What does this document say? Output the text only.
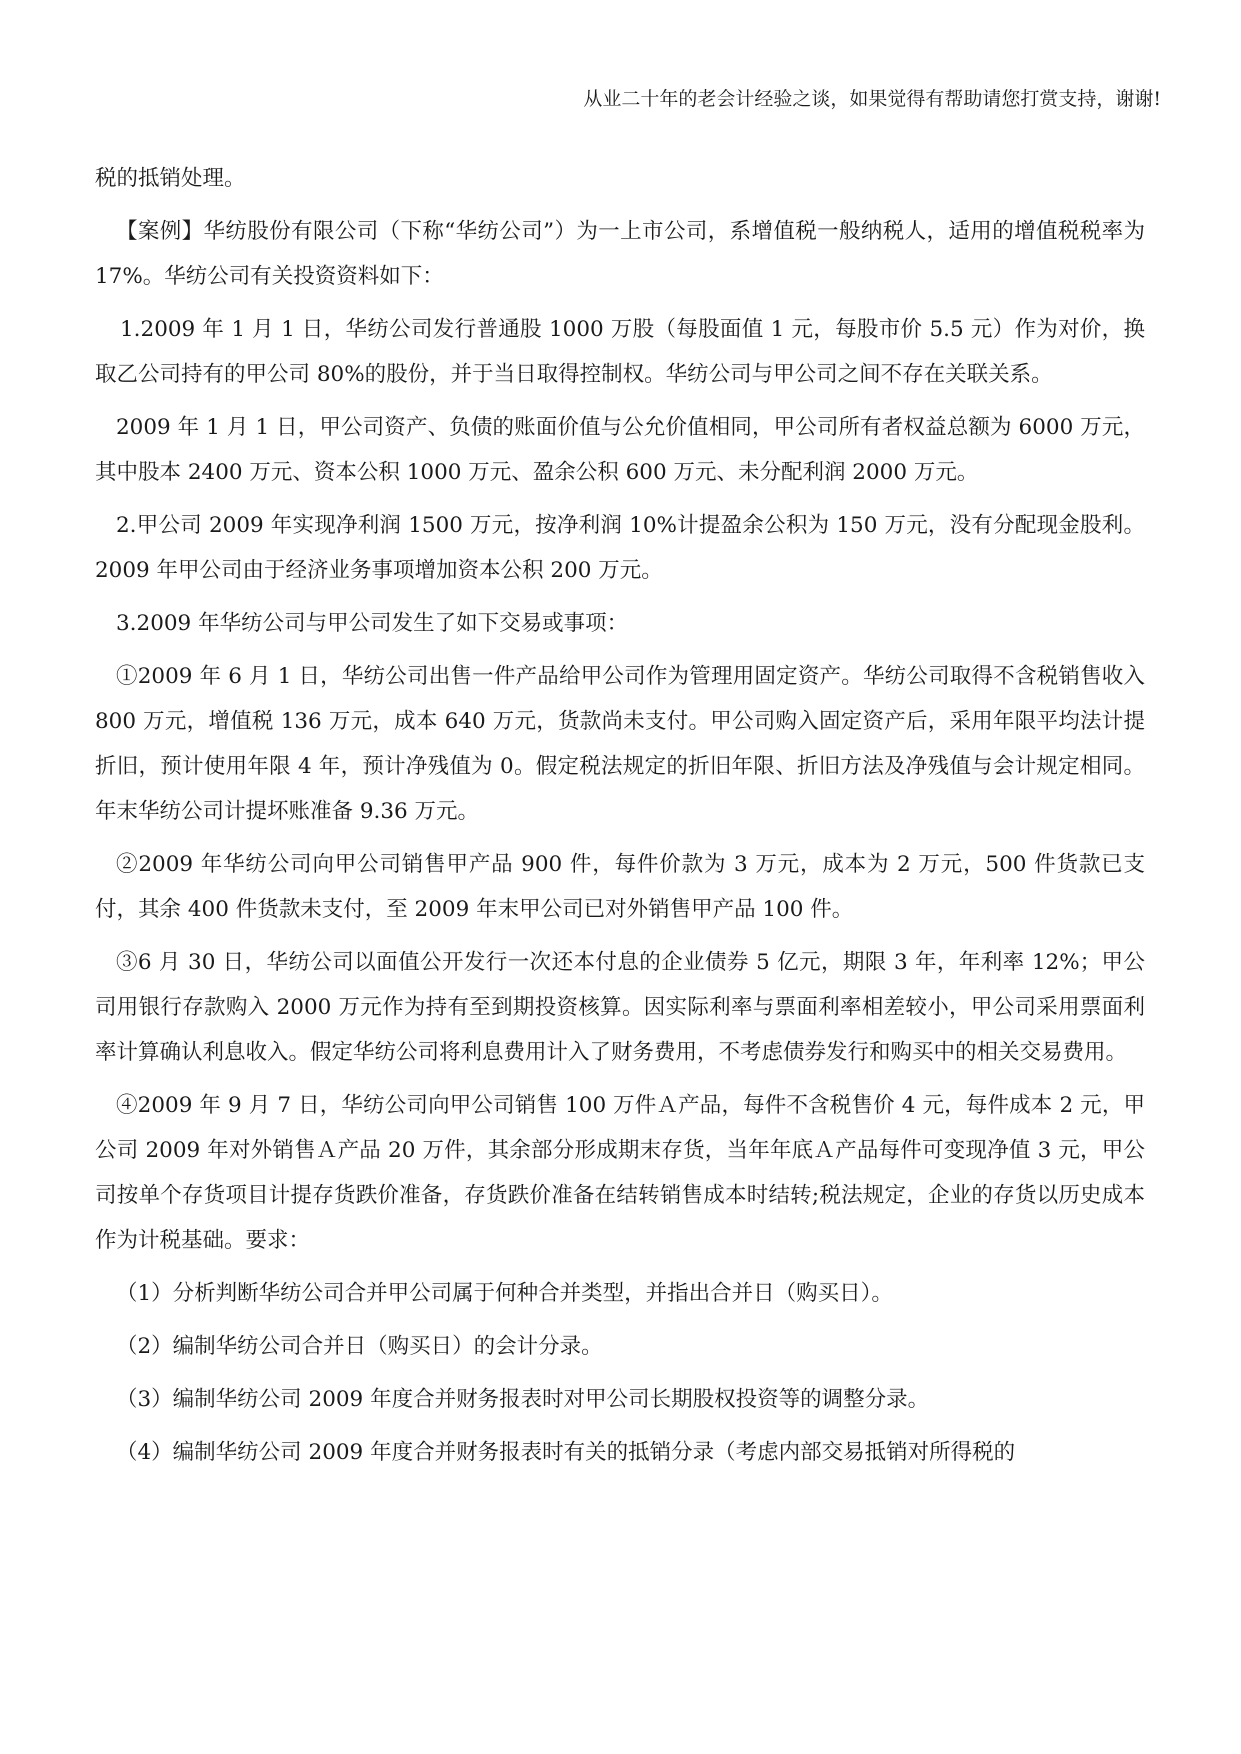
从业二十年的老会计经验之谈，如果觉得有帮助请您打赏支持，谢谢!

税的抵销处理。

【案例】华纺股份有限公司（下称“华纺公司”）为一上市公司，系增值税一般纳税人，适用的增值税税率为 17%。华纺公司有关投资资料如下：

1.2009 年 1 月 1 日，华纺公司发行普通股 1000 万股（每股面值 1 元，每股市价 5.5 元）作为对价，换取乙公司持有的甲公司 80%的股份，并于当日取得控制权。华纺公司与甲公司之间不存在关联关系。

2009 年 1 月 1 日，甲公司资产、负债的账面价值与公允价值相同，甲公司所有者权益总额为 6000 万元，其中股本 2400 万元、资本公积 1000 万元、盈余公积 600 万元、未分配利润 2000 万元。

2.甲公司 2009 年实现净利润 1500 万元，按净利润 10%计提盈余公积为 150 万元，没有分配现金股利。2009 年甲公司由于经济业务事项增加资本公积 200 万元。

3.2009 年华纺公司与甲公司发生了如下交易或事项：

①2009 年 6 月 1 日，华纺公司出售一件产品给甲公司作为管理用固定资产。华纺公司取得不含税销售收入 800 万元，增值税 136 万元，成本 640 万元，货款尚未支付。甲公司购入固定资产后，采用年限平均法计提折旧，预计使用年限 4 年，预计净残值为 0。假定税法规定的折旧年限、折旧方法及净残值与会计规定相同。年末华纺公司计提坏账准备 9.36 万元。

②2009 年华纺公司向甲公司销售甲产品 900 件，每件价款为 3 万元，成本为 2 万元，500 件货款已支付，其余 400 件货款未支付，至 2009 年末甲公司已对外销售甲产品 100 件。

③6 月 30 日，华纺公司以面值公开发行一次还本付息的企业债券 5 亿元，期限 3 年，年利率 12%；甲公司用银行存款购入 2000 万元作为持有至到期投资核算。因实际利率与票面利率相差较小，甲公司采用票面利率计算确认利息收入。假定华纺公司将利息费用计入了财务费用，不考虑债券发行和购买中的相关交易费用。

④2009 年 9 月 7 日，华纺公司向甲公司销售 100 万件Ａ产品，每件不含税售价 4 元，每件成本 2 元，甲公司 2009 年对外销售Ａ产品 20 万件，其余部分形成期末存货，当年年底Ａ产品每件可变现净值 3 元，甲公司按单个存货项目计提存货跌价准备，存货跌价准备在结转销售成本时结转;税法规定，企业的存货以历史成本作为计税基础。要求：

（1）分析判断华纺公司合并甲公司属于何种合并类型，并指出合并日（购买日）。

（2）编制华纺公司合并日（购买日）的会计分录。

（3）编制华纺公司 2009 年度合并财务报表时对甲公司长期股权投资等的调整分录。

（4）编制华纺公司 2009 年度合并财务报表时有关的抵销分录（考虑内部交易抵销对所得税的
